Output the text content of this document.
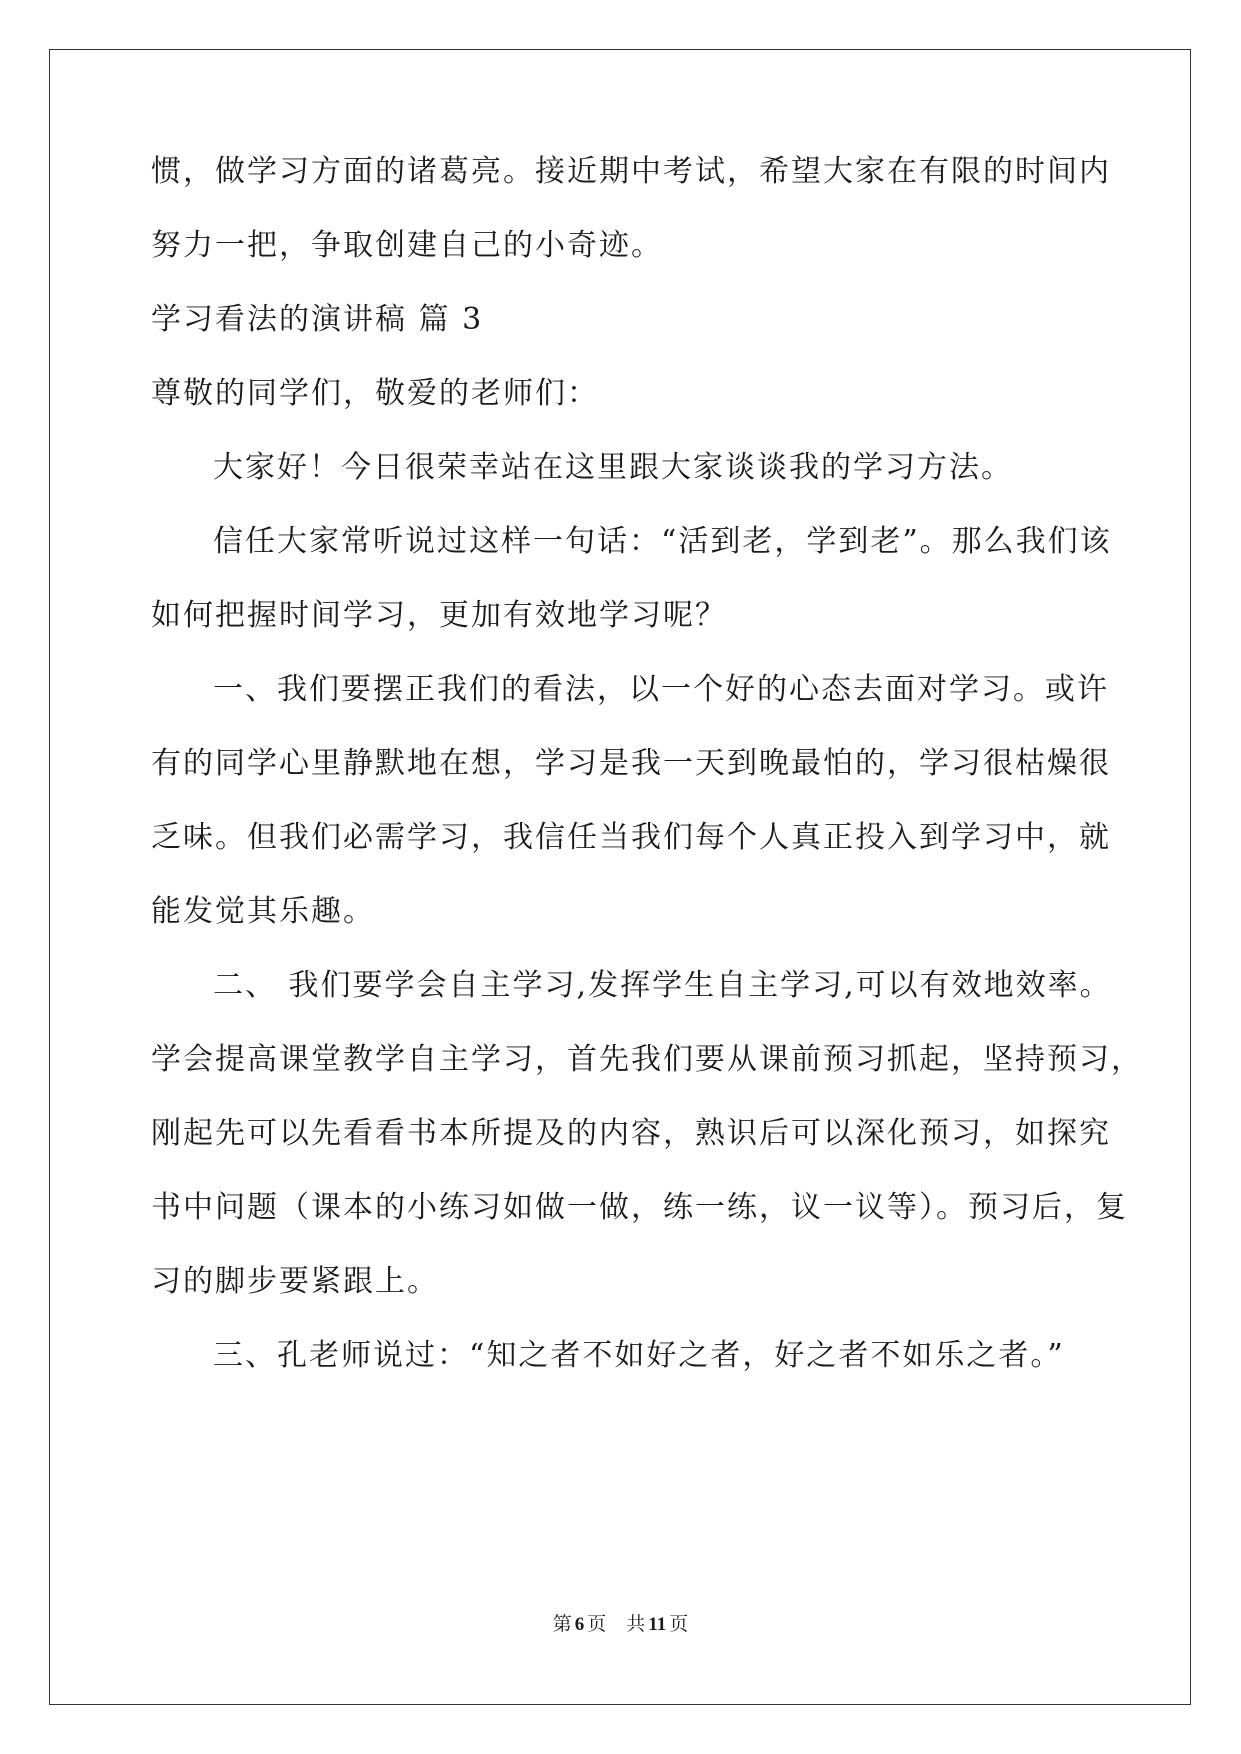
惯，做学习方面的诸葛亮。接近期中考试，希望大家在有限的时间内
努力一把，争取创建自己的小奇迹。
学习看法的演讲稿 篇 3
尊敬的同学们，敬爱的老师们：
大家好！今日很荣幸站在这里跟大家谈谈我的学习方法。
信任大家常听说过这样一句话：“活到老，学到老”。那么我们该
如何把握时间学习，更加有效地学习呢？
一、我们要摆正我们的看法，以一个好的心态去面对学习。或许
有的同学心里静默地在想，学习是我一天到晚最怕的，学习很枯燥很
乏味。但我们必需学习，我信任当我们每个人真正投入到学习中，就
能发觉其乐趣。
二、 我们要学会自主学习,发挥学生自主学习,可以有效地效率。
学会提高课堂教学自主学习，首先我们要从课前预习抓起，坚持预习，
刚起先可以先看看书本所提及的内容，熟识后可以深化预习，如探究
书中问题（课本的小练习如做一做，练一练，议一议等）。预习后，复
习的脚步要紧跟上。
三、孔老师说过：“知之者不如好之者，好之者不如乐之者。”
第 6 页 共 11 页
